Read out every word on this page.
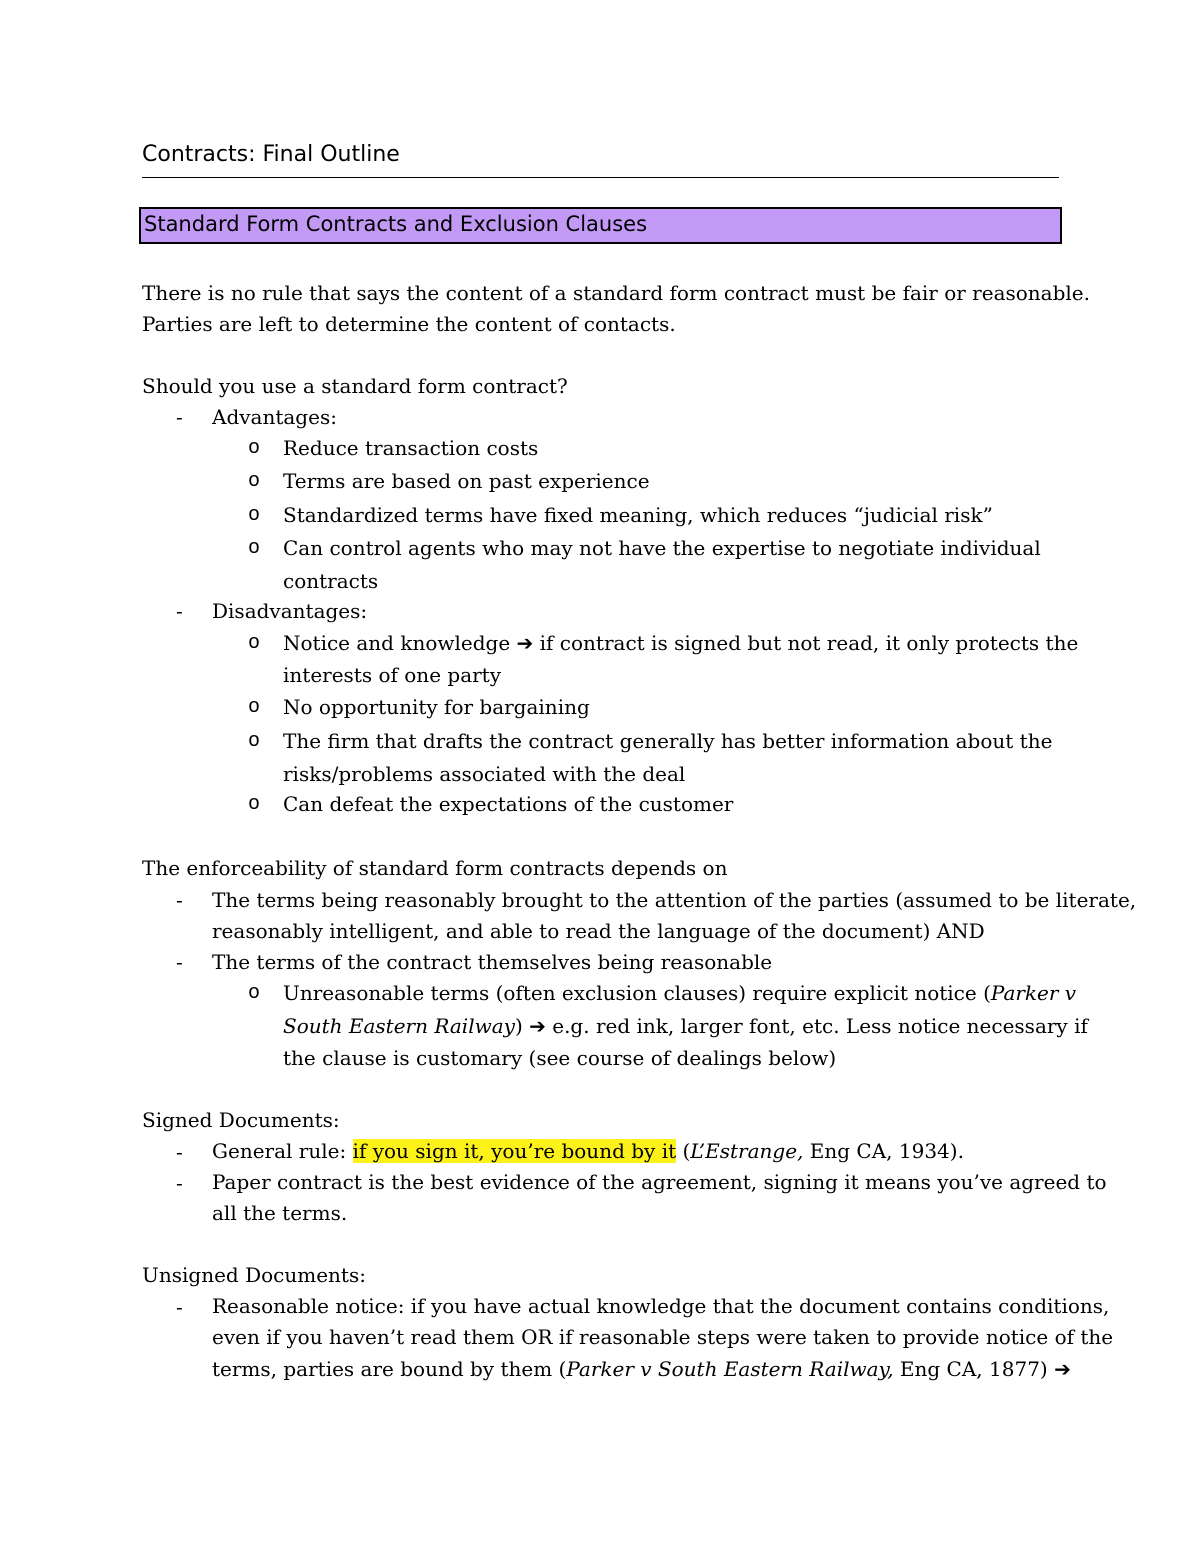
Contracts: Final Outline
Standard Form Contracts and Exclusion Clauses
There is no rule that says the content of a standard form contract must be fair or reasonable.
Parties are left to determine the content of contacts.
Should you use a standard form contract?
- Advantages:
o Reduce transaction costs
o Terms are based on past experience
o Standardized terms have fixed meaning, which reduces “judicial risk”
o Can control agents who may not have the expertise to negotiate individual
contracts
- Disadvantages:
o Notice and knowledge ➔ if contract is signed but not read, it only protects the
interests of one party
o No opportunity for bargaining
o The firm that drafts the contract generally has better information about the
risks/problems associated with the deal
o Can defeat the expectations of the customer
The enforceability of standard form contracts depends on
- The terms being reasonably brought to the attention of the parties (assumed to be literate,
reasonably intelligent, and able to read the language of the document) AND
- The terms of the contract themselves being reasonable
o Unreasonable terms (often exclusion clauses) require explicit notice (Parker v
South Eastern Railway) ➔ e.g. red ink, larger font, etc. Less notice necessary if
the clause is customary (see course of dealings below)
Signed Documents:
- General rule: if you sign it, you’re bound by it (L’Estrange, Eng CA, 1934).
- Paper contract is the best evidence of the agreement, signing it means you’ve agreed to
all the terms.
Unsigned Documents:
- Reasonable notice: if you have actual knowledge that the document contains conditions,
even if you haven’t read them OR if reasonable steps were taken to provide notice of the
terms, parties are bound by them (Parker v South Eastern Railway, Eng CA, 1877) ➔
